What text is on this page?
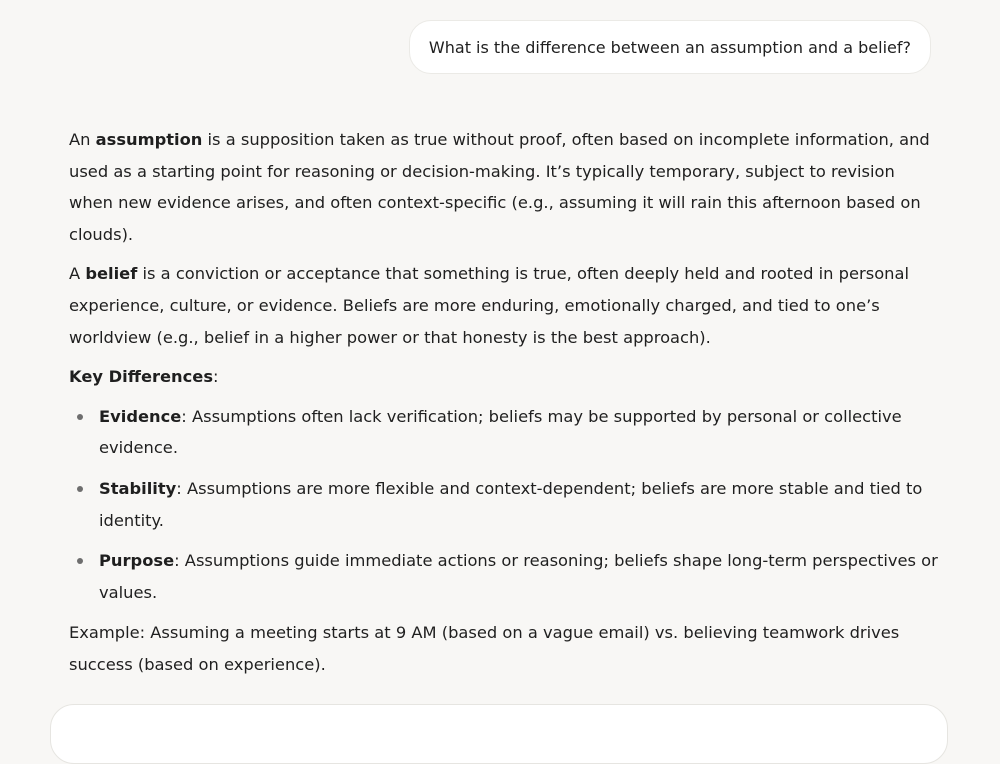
What is the difference between an assumption and a belief?

An assumption is a supposition taken as true without proof, often based on incomplete information, and used as a starting point for reasoning or decision-making. It’s typically temporary, subject to revision when new evidence arises, and often context-specific (e.g., assuming it will rain this afternoon based on clouds).

A belief is a conviction or acceptance that something is true, often deeply held and rooted in personal experience, culture, or evidence. Beliefs are more enduring, emotionally charged, and tied to one’s worldview (e.g., belief in a higher power or that honesty is the best approach).

Key Differences:

Evidence: Assumptions often lack verification; beliefs may be supported by personal or collective evidence.
Stability: Assumptions are more flexible and context-dependent; beliefs are more stable and tied to identity.
Purpose: Assumptions guide immediate actions or reasoning; beliefs shape long-term perspectives or values.

Example: Assuming a meeting starts at 9 AM (based on a vague email) vs. believing teamwork drives success (based on experience).
